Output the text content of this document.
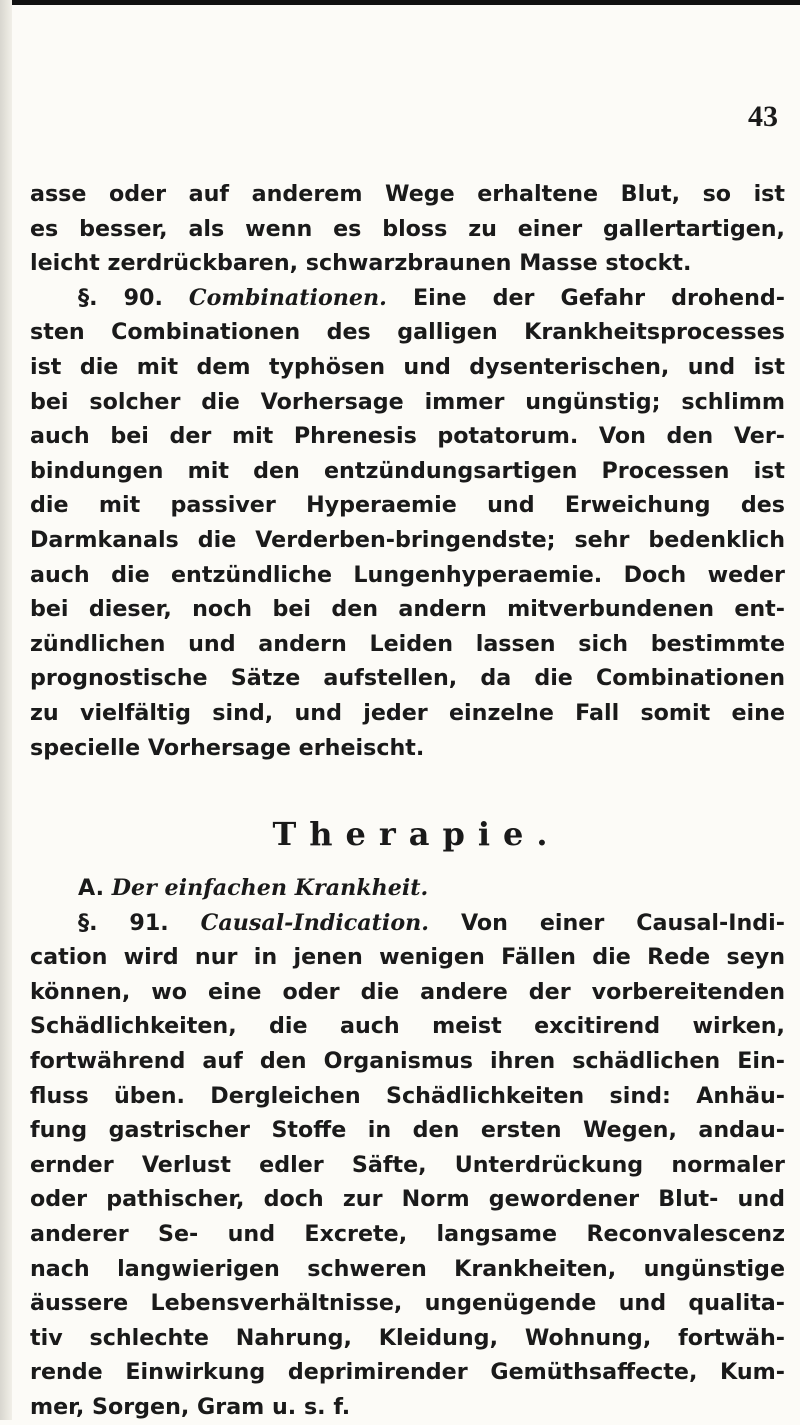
43
asse oder auf anderem Wege erhaltene Blut, so ist
es besser, als wenn es bloss zu einer gallertartigen,
leicht zerdrückbaren, schwarzbraunen Masse stockt.
§. 90. Combinationen. Eine der Gefahr drohend-
sten Combinationen des galligen Krankheitsprocesses
ist die mit dem typhösen und dysenterischen, und ist
bei solcher die Vorhersage immer ungünstig; schlimm
auch bei der mit Phrenesis potatorum. Von den Ver-
bindungen mit den entzündungsartigen Processen ist
die mit passiver Hyperaemie und Erweichung des
Darmkanals die Verderben-bringendste; sehr bedenklich
auch die entzündliche Lungenhyperaemie. Doch weder
bei dieser, noch bei den andern mitverbundenen ent-
zündlichen und andern Leiden lassen sich bestimmte
prognostische Sätze aufstellen, da die Combinationen
zu vielfältig sind, und jeder einzelne Fall somit eine
specielle Vorhersage erheischt.
Therapie.
A. Der einfachen Krankheit.
§. 91. Causal-Indication. Von einer Causal-Indi-
cation wird nur in jenen wenigen Fällen die Rede seyn
können, wo eine oder die andere der vorbereitenden
Schädlichkeiten, die auch meist excitirend wirken,
fortwährend auf den Organismus ihren schädlichen Ein-
fluss üben. Dergleichen Schädlichkeiten sind: Anhäu-
fung gastrischer Stoffe in den ersten Wegen, andau-
ernder Verlust edler Säfte, Unterdrückung normaler
oder pathischer, doch zur Norm gewordener Blut- und
anderer Se- und Excrete, langsame Reconvalescenz
nach langwierigen schweren Krankheiten, ungünstige
äussere Lebensverhältnisse, ungenügende und qualita-
tiv schlechte Nahrung, Kleidung, Wohnung, fortwäh-
rende Einwirkung deprimirender Gemüthsaffecte, Kum-
mer, Sorgen, Gram u. s. f.
